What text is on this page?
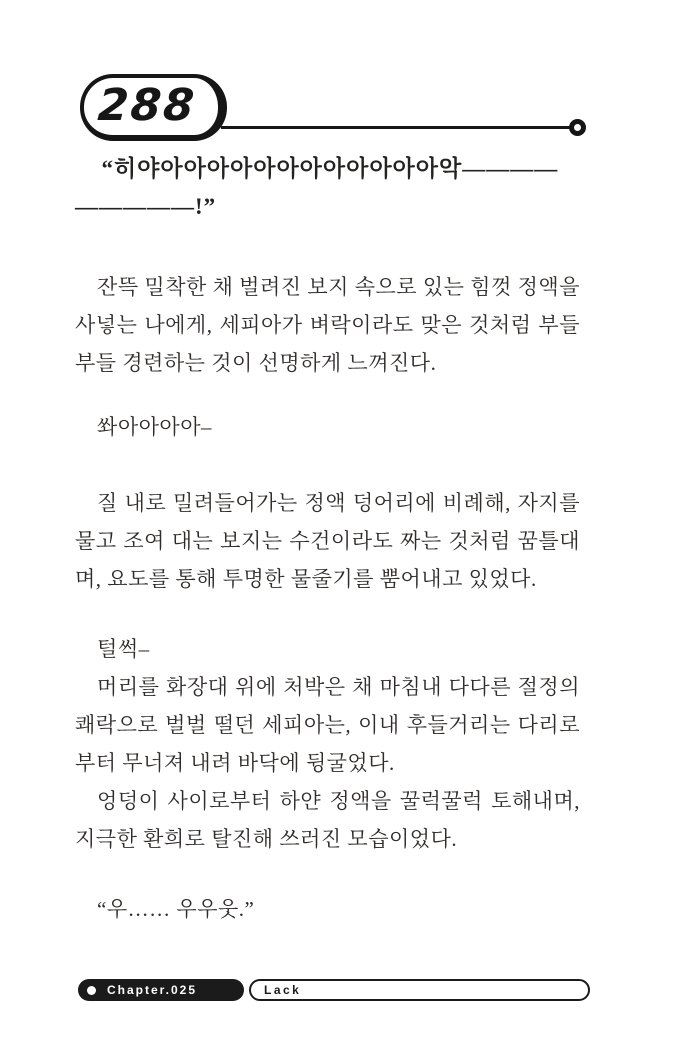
288

“히야아아아아아아아아아아아아악————
—————!”

잔뜩 밀착한 채 벌려진 보지 속으로 있는 힘껏 정액을 사넣는 나에게, 세피아가 벼락이라도 맞은 것처럼 부들부들 경련하는 것이 선명하게 느껴진다.

쏴아아아아–

질 내로 밀려들어가는 정액 덩어리에 비례해, 자지를 물고 조여 대는 보지는 수건이라도 짜는 것처럼 꿈틀대며, 요도를 통해 투명한 물줄기를 뿜어내고 있었다.

털썩–

머리를 화장대 위에 처박은 채 마침내 다다른 절정의 쾌락으로 벌벌 떨던 세피아는, 이내 후들거리는 다리로부터 무너져 내려 바닥에 뒹굴었다.

엉덩이 사이로부터 하얀 정액을 꿀럭꿀럭 토해내며, 지극한 환희로 탈진해 쓰러진 모습이었다.

“우…… 우우웃.”

Chapter.025	Lack
